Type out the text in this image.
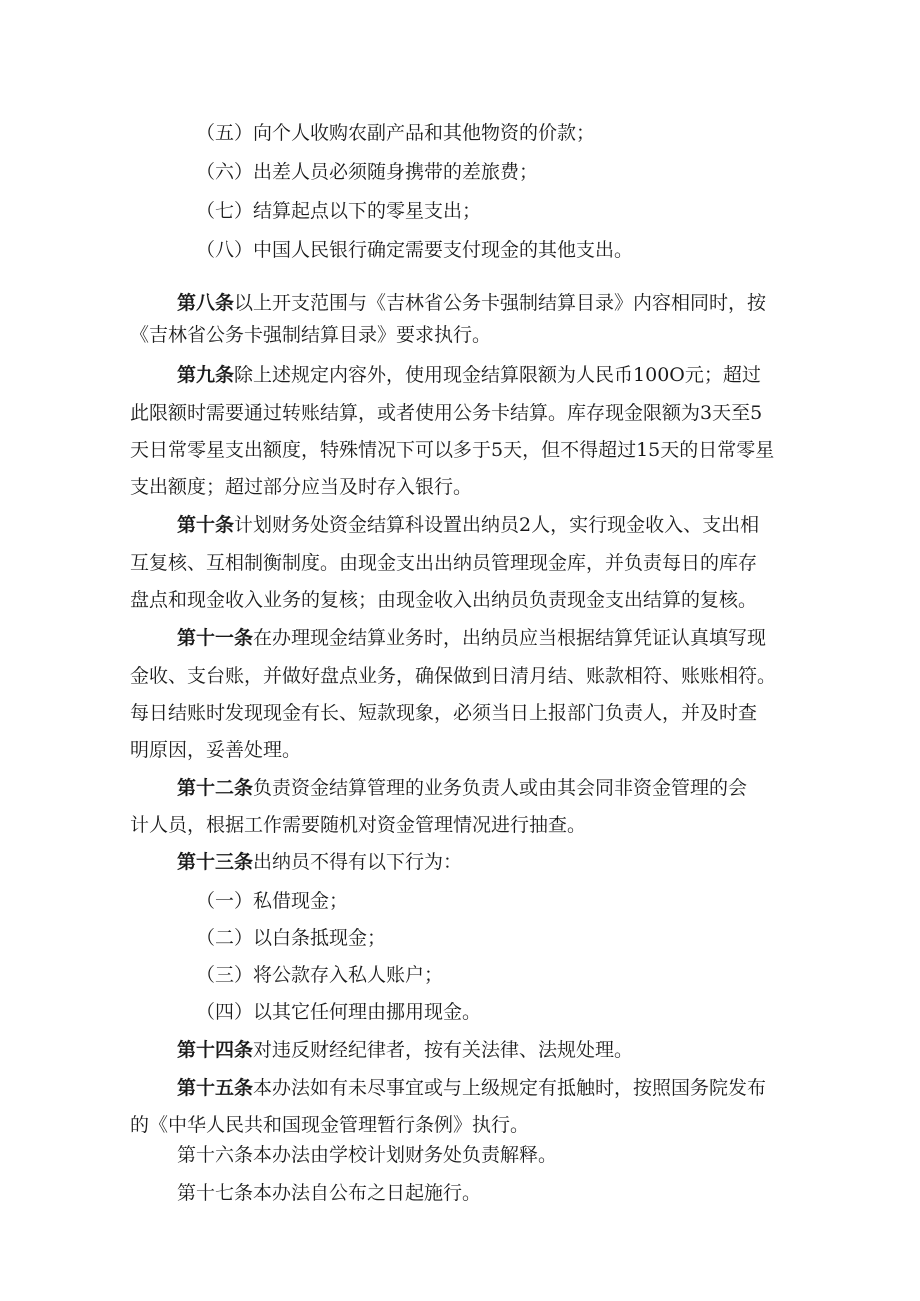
（五）向个人收购农副产品和其他物资的价款；

（六）出差人员必须随身携带的差旅费；

（七）结算起点以下的零星支出；

（八）中国人民银行确定需要支付现金的其他支出。

第八条以上开支范围与《吉林省公务卡强制结算目录》内容相同时，按

《吉林省公务卡强制结算目录》要求执行。

第九条除上述规定内容外，使用现金结算限额为人民币100O元；超过

此限额时需要通过转账结算，或者使用公务卡结算。库存现金限额为3天至5

天日常零星支出额度，特殊情况下可以多于5天，但不得超过15天的日常零星

支出额度；超过部分应当及时存入银行。

第十条计划财务处资金结算科设置出纳员2人，实行现金收入、支出相

互复核、互相制衡制度。由现金支出出纳员管理现金库，并负责每日的库存

盘点和现金收入业务的复核；由现金收入出纳员负责现金支出结算的复核。

第十一条在办理现金结算业务时，出纳员应当根据结算凭证认真填写现

金收、支台账，并做好盘点业务，确保做到日清月结、账款相符、账账相符。

每日结账时发现现金有长、短款现象，必须当日上报部门负责人，并及时查

明原因，妥善处理。

第十二条负责资金结算管理的业务负责人或由其会同非资金管理的会

计人员，根据工作需要随机对资金管理情况进行抽查。

第十三条出纳员不得有以下行为：

（一）私借现金；

（二）以白条抵现金；

（三）将公款存入私人账户；

（四）以其它任何理由挪用现金。

第十四条对违反财经纪律者，按有关法律、法规处理。

第十五条本办法如有未尽事宜或与上级规定有抵触时，按照国务院发布

的《中华人民共和国现金管理暂行条例》执行。

第十六条本办法由学校计划财务处负责解释。

第十七条本办法自公布之日起施行。
